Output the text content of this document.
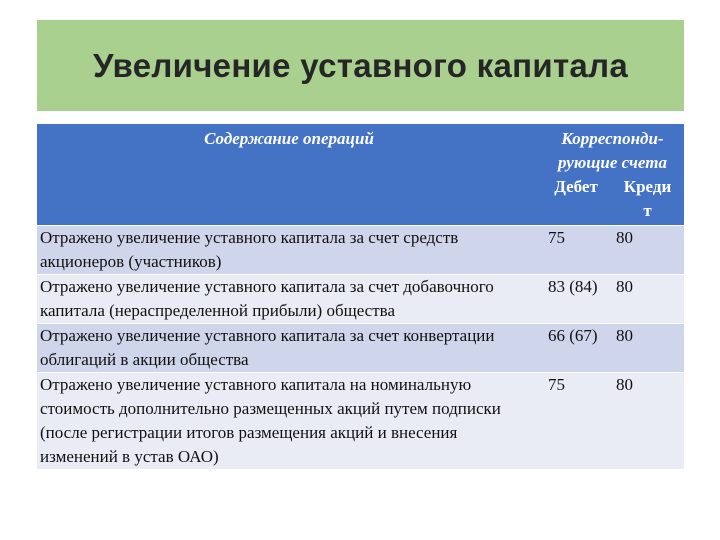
Увеличение уставного капитала
Содержание операций	Корреспонди-
рующие счета	

	Дебет	Креди
т

Отражено увеличение уставного капитала за счет средств акционеров (участников)	75	80
Отражено увеличение уставного капитала за счет добавочного капитала (нераспределенной прибыли) общества	83 (84)	80
Отражено увеличение уставного капитала за счет конвертации облигаций в акции общества	66 (67)	80
Отражено увеличение уставного капитала на номинальную стоимость дополнительно размещенных акций путем подписки (после регистрации итогов размещения акций и внесения изменений в устав ОАО)	75	80
